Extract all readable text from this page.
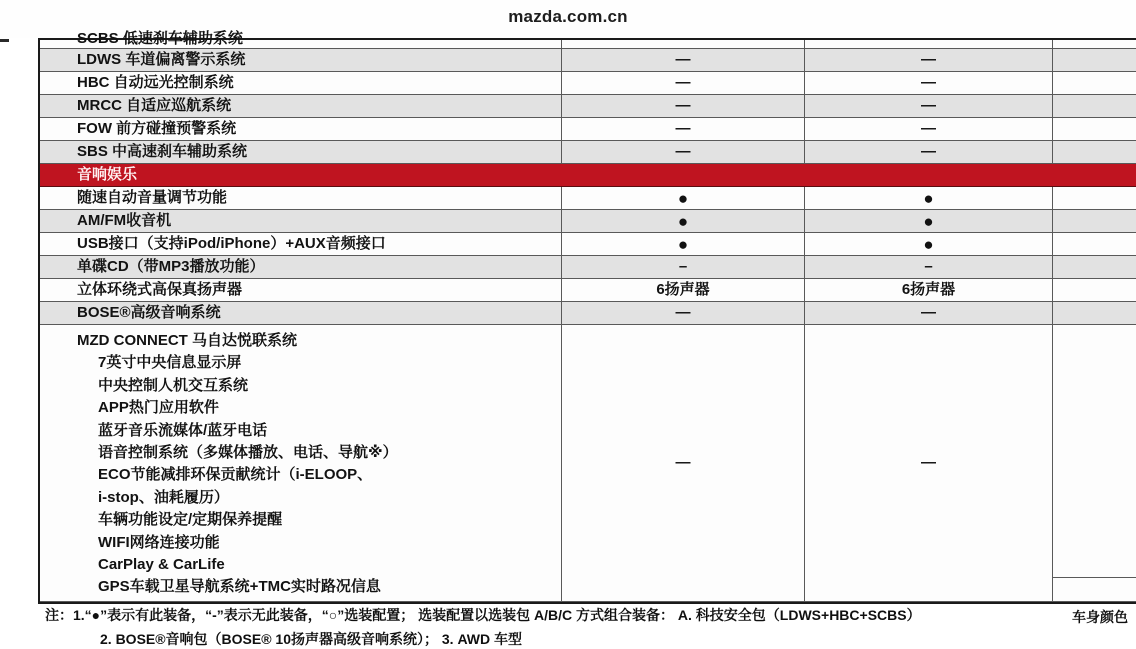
mazda.com.cn
SCBS 低速刹车辅助系统
LDWS 车道偏离警示系统	—	—
HBC 自动远光控制系统	—	—
MRCC 自适应巡航系统	—	—
FOW 前方碰撞预警系统	—	—
SBS 中高速刹车辅助系统	—	—
音响娱乐
随速自动音量调节功能	●	●
AM/FM收音机	●	●
USB接口（支持iPod/iPhone）+AUX音频接口	●	●
单碟CD（带MP3播放功能）	–	–
立体环绕式高保真扬声器	6扬声器	6扬声器
BOSE®高级音响系统	—	—
MZD CONNECT 马自达悦联系统
7英寸中央信息显示屏
中央控制人机交互系统
APP热门应用软件
蓝牙音乐流媒体/蓝牙电话
语音控制系统（多媒体播放、电话、导航※）
ECO节能减排环保贡献统计（i-ELOOP、
i-stop、油耗履历）
车辆功能设定/定期保养提醒
WIFI网络连接功能
CarPlay & CarLife
GPS车载卫星导航系统+TMC实时路况信息
—	—
注：1.“●”表示有此装备，“-”表示无此装备，“○”选装配置； 选装配置以选装包 A/B/C 方式组合装备： A. 科技安全包（LDWS+HBC+SCBS）	车身颜色
2. BOSE®音响包（BOSE® 10扬声器高级音响系统）； 3. AWD 车型
